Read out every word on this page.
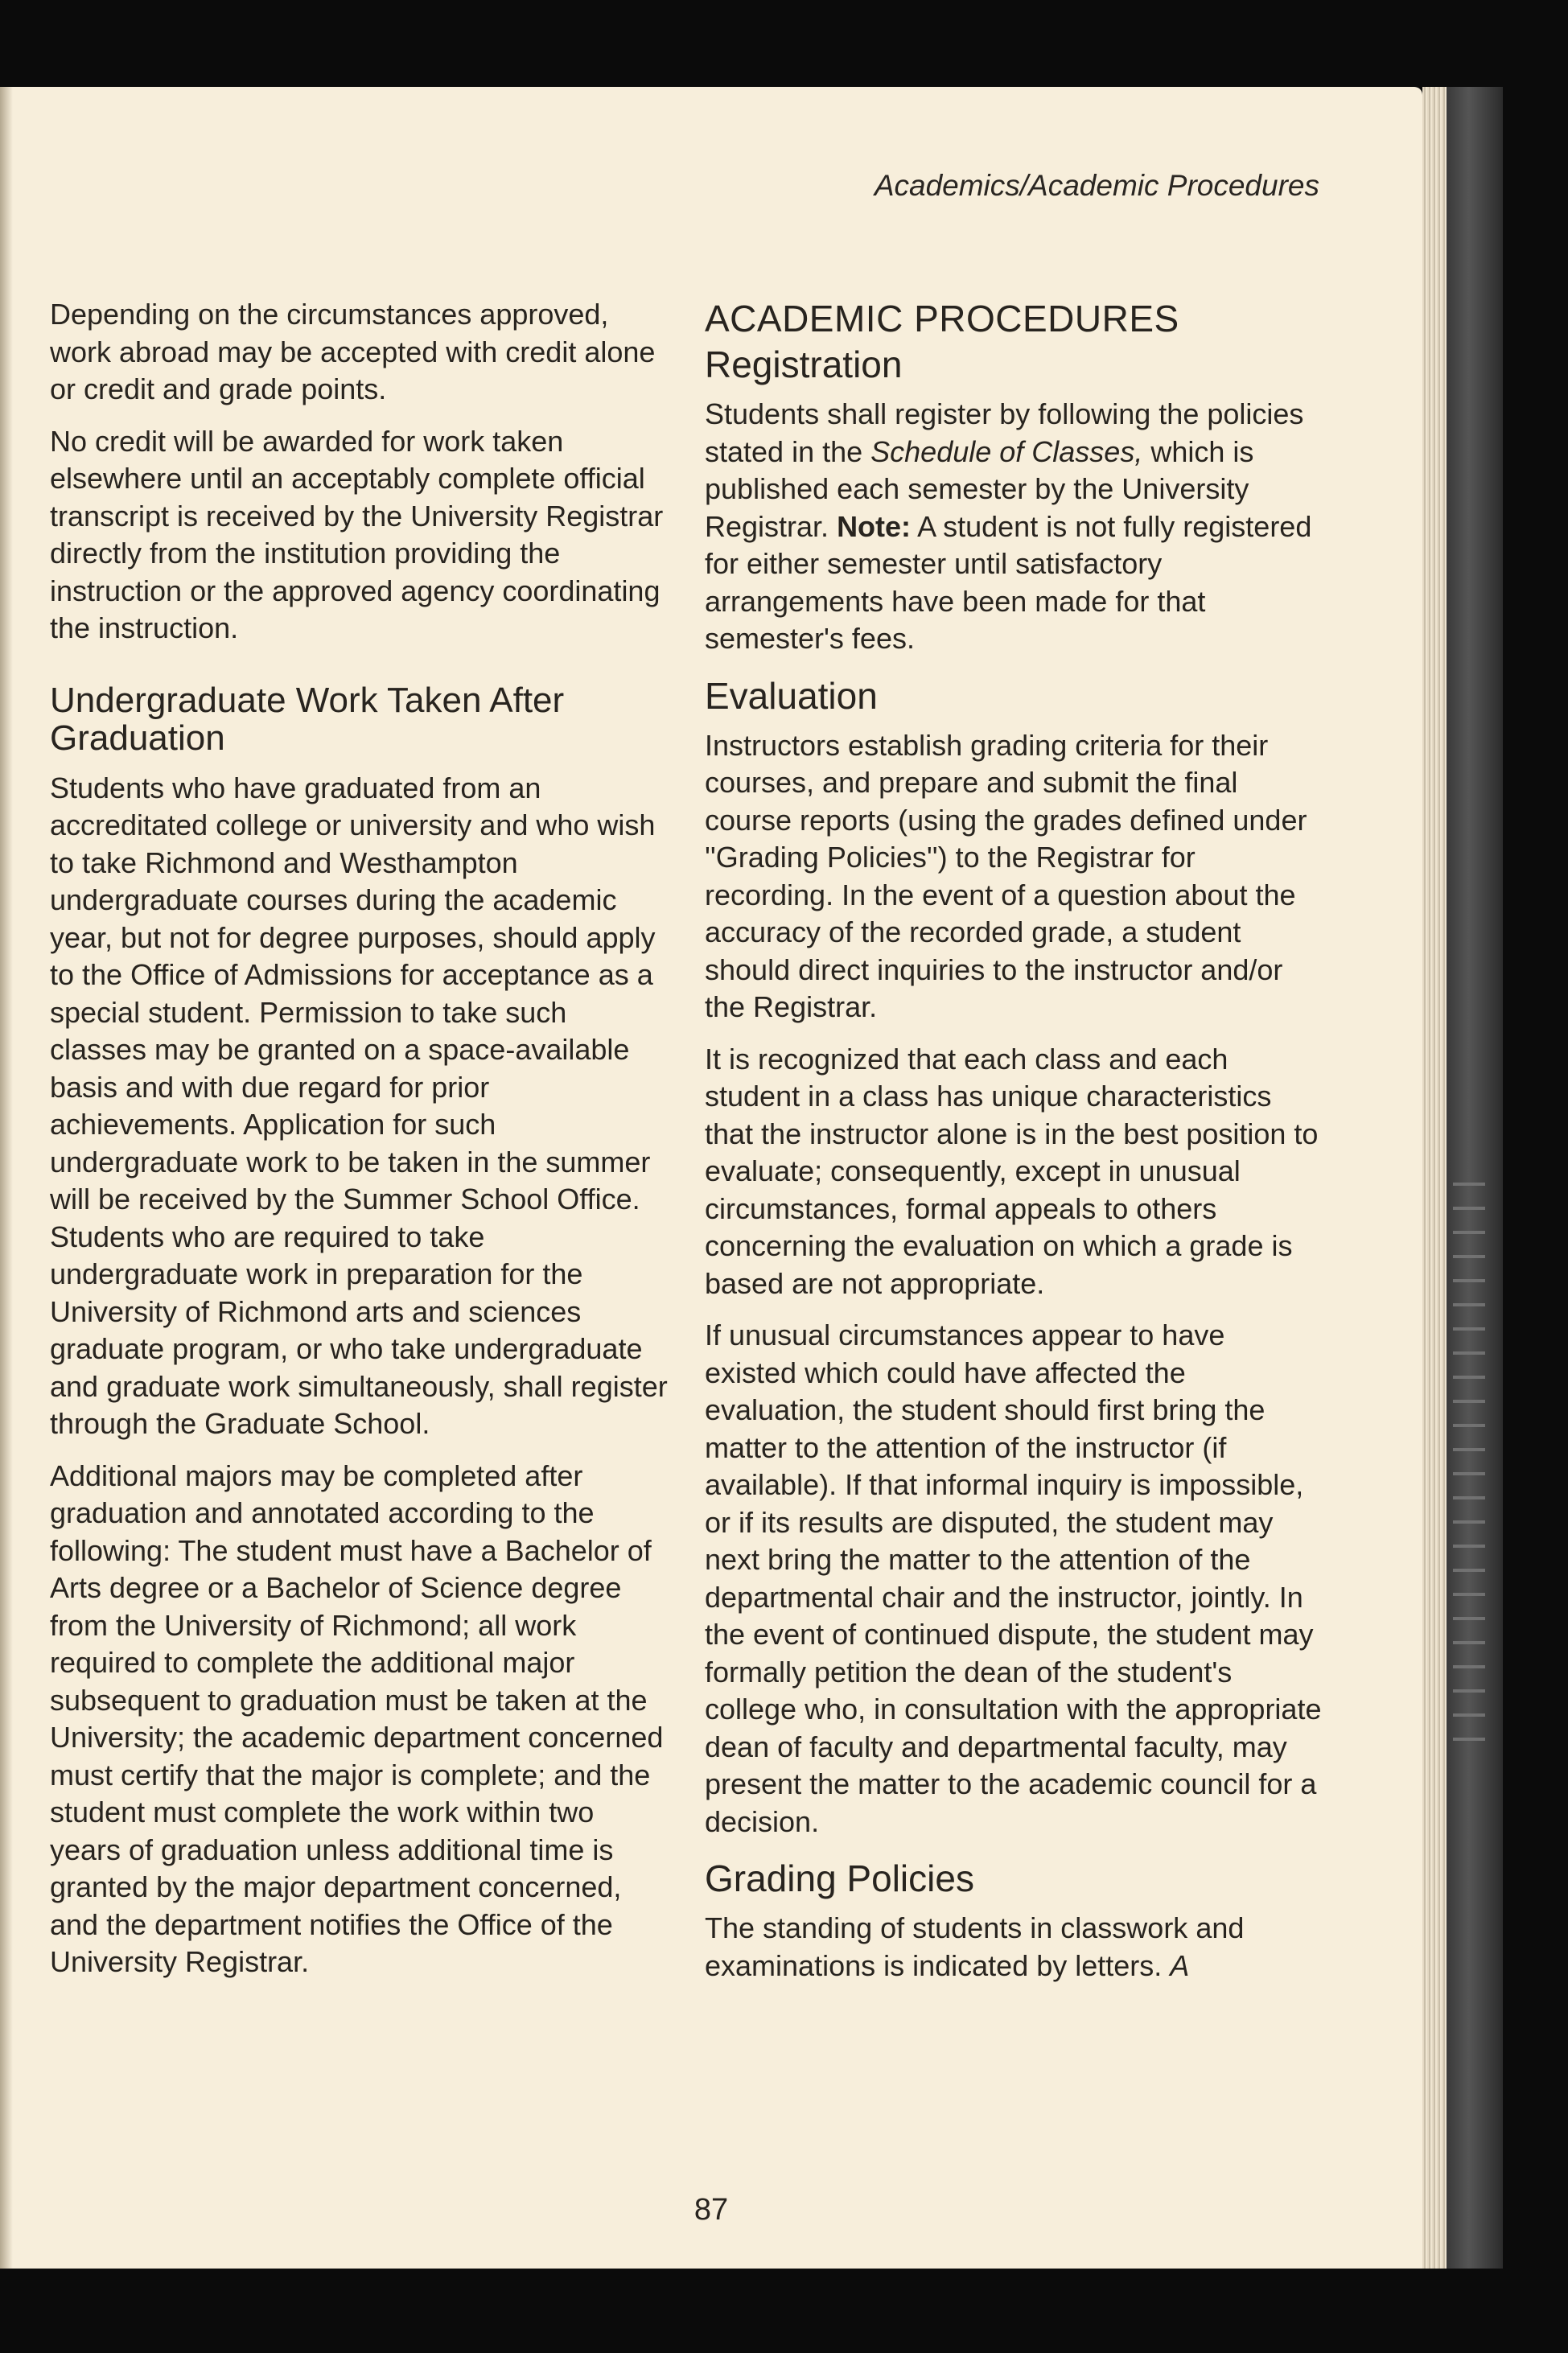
Academics/Academic Procedures

Depending on the circumstances approved, work abroad may be accepted with credit alone or credit and grade points.

No credit will be awarded for work taken elsewhere until an acceptably complete official transcript is received by the University Registrar directly from the institution providing the instruction or the approved agency coordinating the instruction.

Undergraduate Work Taken After Graduation

Students who have graduated from an accreditated college or university and who wish to take Richmond and Westhampton undergraduate courses during the academic year, but not for degree purposes, should apply to the Office of Admissions for acceptance as a special student. Permission to take such classes may be granted on a space-available basis and with due regard for prior achievements. Application for such undergraduate work to be taken in the summer will be received by the Summer School Office. Students who are required to take undergraduate work in preparation for the University of Richmond arts and sciences graduate program, or who take undergraduate and graduate work simultaneously, shall register through the Graduate School.

Additional majors may be completed after graduation and annotated according to the following: The student must have a Bachelor of Arts degree or a Bachelor of Science degree from the University of Richmond; all work required to complete the additional major subsequent to graduation must be taken at the University; the academic department concerned must certify that the major is complete; and the student must complete the work within two years of graduation unless additional time is granted by the major department concerned, and the department notifies the Office of the University Registrar.

ACADEMIC PROCEDURES
Registration

Students shall register by following the policies stated in the Schedule of Classes, which is published each semester by the University Registrar. Note: A student is not fully registered for either semester until satisfactory arrangements have been made for that semester's fees.

Evaluation

Instructors establish grading criteria for their courses, and prepare and submit the final course reports (using the grades defined under ''Grading Policies'') to the Registrar for recording. In the event of a question about the accuracy of the recorded grade, a student should direct inquiries to the instructor and/or the Registrar.

It is recognized that each class and each student in a class has unique characteristics that the instructor alone is in the best position to evaluate; consequently, except in unusual circumstances, formal appeals to others concerning the evaluation on which a grade is based are not appropriate.

If unusual circumstances appear to have existed which could have affected the evaluation, the student should first bring the matter to the attention of the instructor (if available). If that informal inquiry is impossible, or if its results are disputed, the student may next bring the matter to the attention of the departmental chair and the instructor, jointly. In the event of continued dispute, the student may formally petition the dean of the student's college who, in consultation with the appropriate dean of faculty and departmental faculty, may present the matter to the academic council for a decision.

Grading Policies

The standing of students in classwork and examinations is indicated by letters. A

87
